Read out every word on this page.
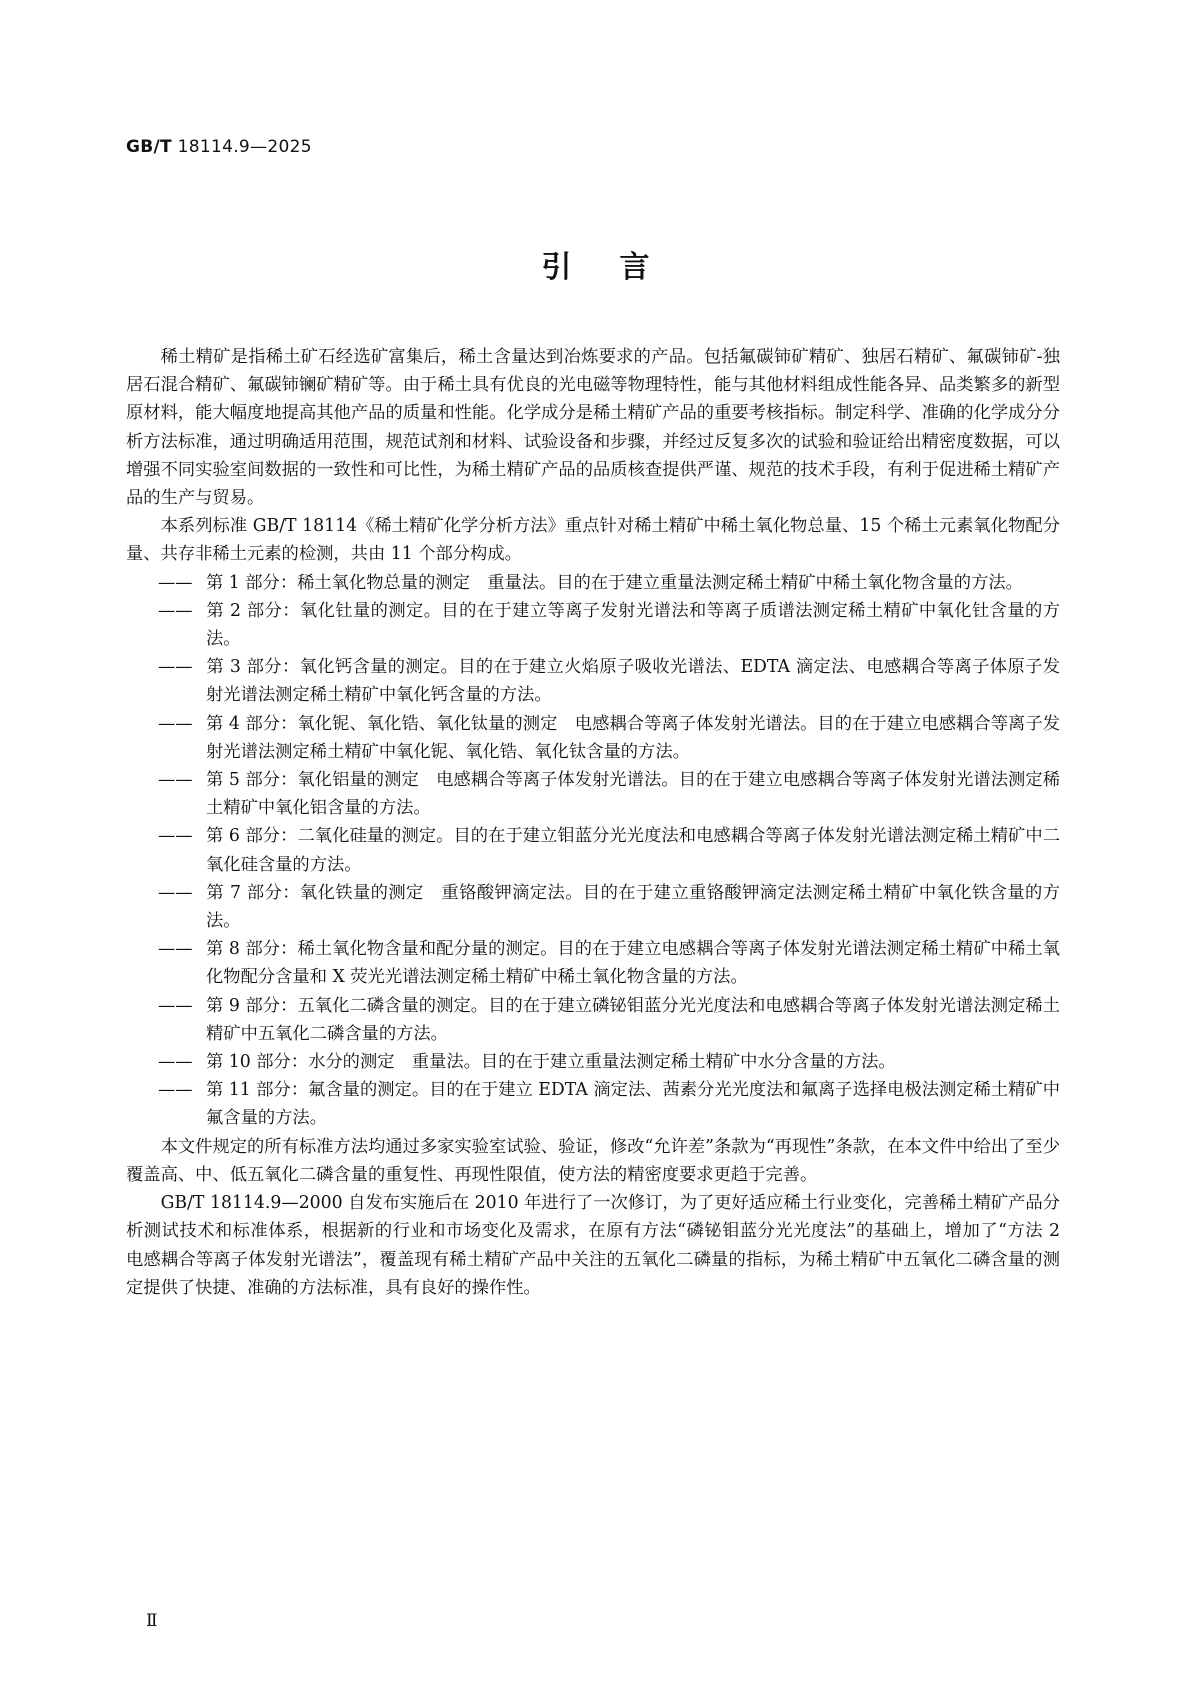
GB/T 18114.9—2025
引言

稀土精矿是指稀土矿石经选矿富集后，稀土含量达到冶炼要求的产品。包括氟碳铈矿精矿、独居石精矿、氟碳铈矿-独居石混合精矿、氟碳铈镧矿精矿等。由于稀土具有优良的光电磁等物理特性，能与其他材料组成性能各异、品类繁多的新型原材料，能大幅度地提高其他产品的质量和性能。化学成分是稀土精矿产品的重要考核指标。制定科学、准确的化学成分分析方法标准，通过明确适用范围，规范试剂和材料、试验设备和步骤，并经过反复多次的试验和验证给出精密度数据，可以增强不同实验室间数据的一致性和可比性，为稀土精矿产品的品质核查提供严谨、规范的技术手段，有利于促进稀土精矿产品的生产与贸易。

本系列标准 GB/T 18114《稀土精矿化学分析方法》重点针对稀土精矿中稀土氧化物总量、15 个稀土元素氧化物配分量、共存非稀土元素的检测，共由 11 个部分构成。

—— 第 1 部分：稀土氧化物总量的测定　重量法。目的在于建立重量法测定稀土精矿中稀土氧化物含量的方法。

—— 第 2 部分：氧化钍量的测定。目的在于建立等离子发射光谱法和等离子质谱法测定稀土精矿中氧化钍含量的方法。

—— 第 3 部分：氧化钙含量的测定。目的在于建立火焰原子吸收光谱法、EDTA 滴定法、电感耦合等离子体原子发射光谱法测定稀土精矿中氧化钙含量的方法。

—— 第 4 部分：氧化铌、氧化锆、氧化钛量的测定　电感耦合等离子体发射光谱法。目的在于建立电感耦合等离子发射光谱法测定稀土精矿中氧化铌、氧化锆、氧化钛含量的方法。

—— 第 5 部分：氧化铝量的测定　电感耦合等离子体发射光谱法。目的在于建立电感耦合等离子体发射光谱法测定稀土精矿中氧化铝含量的方法。

—— 第 6 部分：二氧化硅量的测定。目的在于建立钼蓝分光光度法和电感耦合等离子体发射光谱法测定稀土精矿中二氧化硅含量的方法。

—— 第 7 部分：氧化铁量的测定　重铬酸钾滴定法。目的在于建立重铬酸钾滴定法测定稀土精矿中氧化铁含量的方法。

—— 第 8 部分：稀土氧化物含量和配分量的测定。目的在于建立电感耦合等离子体发射光谱法测定稀土精矿中稀土氧化物配分含量和 X 荧光光谱法测定稀土精矿中稀土氧化物含量的方法。

—— 第 9 部分：五氧化二磷含量的测定。目的在于建立磷铋钼蓝分光光度法和电感耦合等离子体发射光谱法测定稀土精矿中五氧化二磷含量的方法。

—— 第 10 部分：水分的测定　重量法。目的在于建立重量法测定稀土精矿中水分含量的方法。

—— 第 11 部分：氟含量的测定。目的在于建立 EDTA 滴定法、茜素分光光度法和氟离子选择电极法测定稀土精矿中氟含量的方法。

本文件规定的所有标准方法均通过多家实验室试验、验证，修改“允许差”条款为“再现性”条款，在本文件中给出了至少覆盖高、中、低五氧化二磷含量的重复性、再现性限值，使方法的精密度要求更趋于完善。

GB/T 18114.9—2000 自发布实施后在 2010 年进行了一次修订，为了更好适应稀土行业变化，完善稀土精矿产品分析测试技术和标准体系，根据新的行业和市场变化及需求，在原有方法“磷铋钼蓝分光光度法”的基础上，增加了“方法 2　电感耦合等离子体发射光谱法”，覆盖现有稀土精矿产品中关注的五氧化二磷量的指标，为稀土精矿中五氧化二磷含量的测定提供了快捷、准确的方法标准，具有良好的操作性。

Ⅱ
